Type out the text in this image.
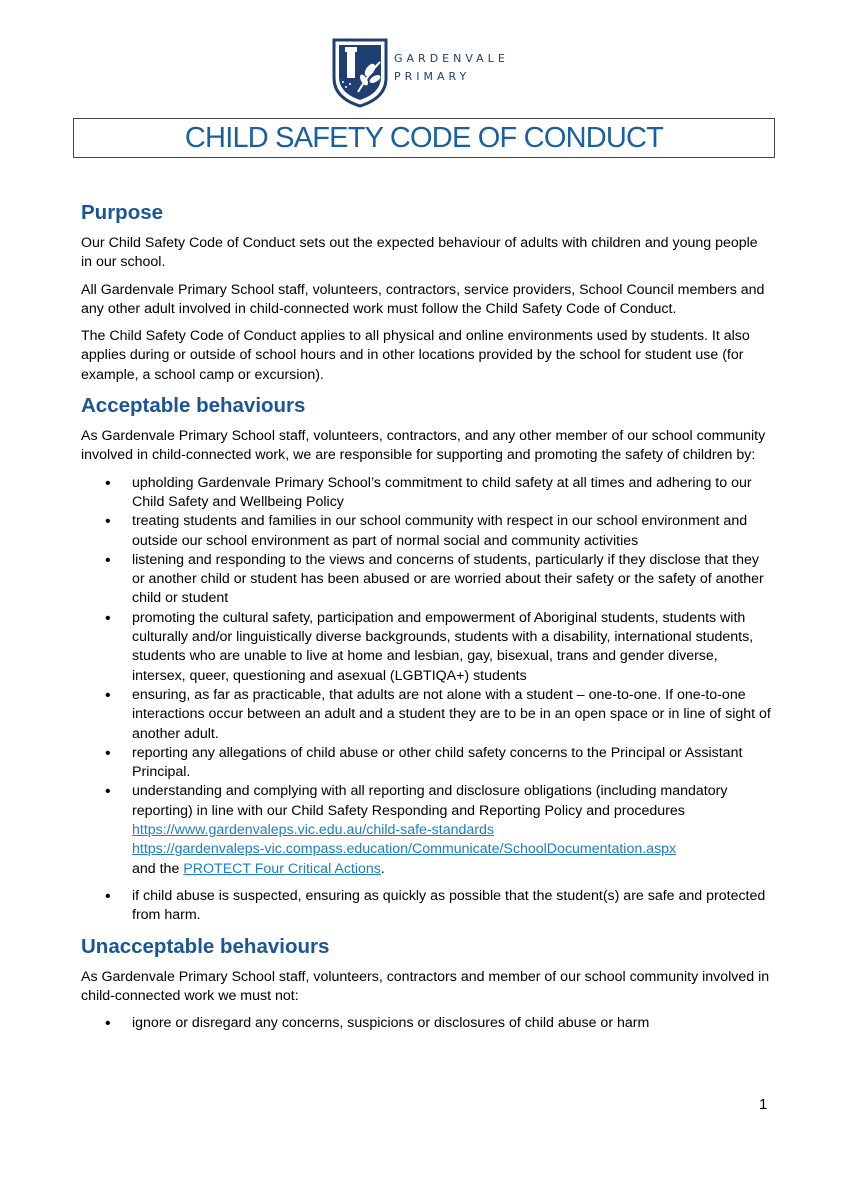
GARDENVALE
PRIMARY
CHILD SAFETY CODE OF CONDUCT
Purpose

Our Child Safety Code of Conduct sets out the expected behaviour of adults with children and young people in our school.

All Gardenvale Primary School staff, volunteers, contractors, service providers, School Council members and any other adult involved in child-connected work must follow the Child Safety Code of Conduct.

The Child Safety Code of Conduct applies to all physical and online environments used by students. It also applies during or outside of school hours and in other locations provided by the school for student use (for example, a school camp or excursion).

Acceptable behaviours

As Gardenvale Primary School staff, volunteers, contractors, and any other member of our school community involved in child-connected work, we are responsible for supporting and promoting the safety of children by:

• upholding Gardenvale Primary School’s commitment to child safety at all times and adhering to our Child Safety and Wellbeing Policy
• treating students and families in our school community with respect in our school environment and outside our school environment as part of normal social and community activities
• listening and responding to the views and concerns of students, particularly if they disclose that they or another child or student has been abused or are worried about their safety or the safety of another child or student
• promoting the cultural safety, participation and empowerment of Aboriginal students, students with culturally and/or linguistically diverse backgrounds, students with a disability, international students, students who are unable to live at home and lesbian, gay, bisexual, trans and gender diverse, intersex, queer, questioning and asexual (LGBTIQA+) students
• ensuring, as far as practicable, that adults are not alone with a student – one-to-one. If one-to-one interactions occur between an adult and a student they are to be in an open space or in line of sight of another adult.
• reporting any allegations of child abuse or other child safety concerns to the Principal or Assistant Principal.
• understanding and complying with all reporting and disclosure obligations (including mandatory reporting) in line with our Child Safety Responding and Reporting Policy and procedures
https://www.gardenvaleps.vic.edu.au/child-safe-standards
https://gardenvaleps-vic.compass.education/Communicate/SchoolDocumentation.aspx
and the PROTECT Four Critical Actions.
• if child abuse is suspected, ensuring as quickly as possible that the student(s) are safe and protected from harm.
Unacceptable behaviours

As Gardenvale Primary School staff, volunteers, contractors and member of our school community involved in child-connected work we must not:

• ignore or disregard any concerns, suspicions or disclosures of child abuse or harm
1
